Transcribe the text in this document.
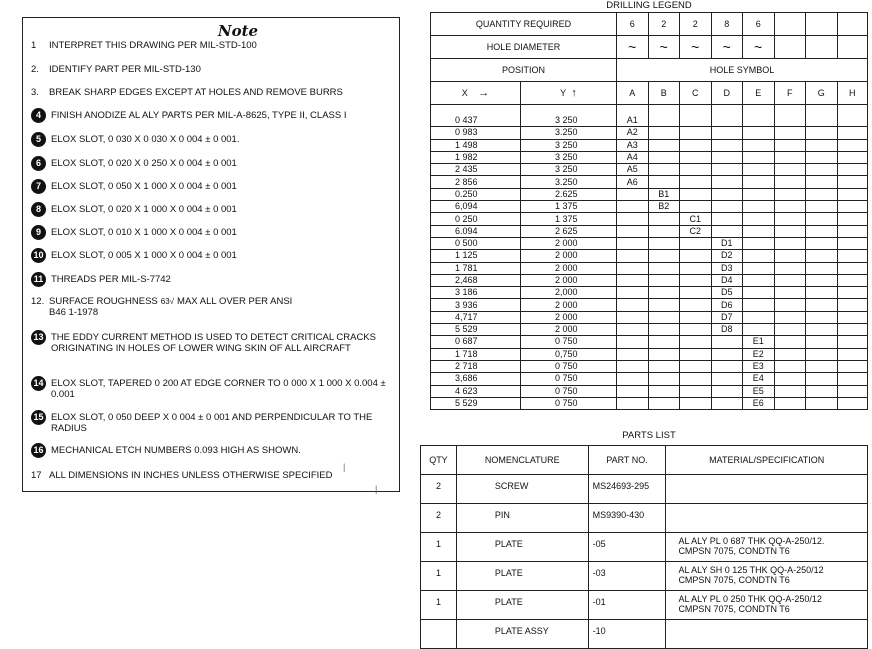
Note
1	INTERPRET THIS DRAWING PER MIL-STD-100
2.	IDENTIFY PART PER MIL-STD-130
3.	BREAK SHARP EDGES EXCEPT AT HOLES AND REMOVE BURRS
4	FINISH ANODIZE AL ALY PARTS PER MIL-A-8625, TYPE II, CLASS I
5	ELOX SLOT, 0 030 X 0 030 X 0 004 ± 0 001.
6	ELOX SLOT, 0 020 X 0 250 X 0 004 ± 0 001
7	ELOX SLOT, 0 050 X 1 000 X 0 004 ± 0 001
8	ELOX SLOT, 0 020 X 1 000 X 0 004 ± 0 001
9	ELOX SLOT, 0 010 X 1 000 X 0 004 ± 0 001
10 ELOX SLOT, 0 005 X 1 000 X 0 004 ± 0 001
11 THREADS PER MIL-S-7742
12. SURFACE ROUGHNESS $^{63√}$ MAX ALL OVER PER ANSI
B46 1-1978
13 THE EDDY CURRENT METHOD IS USED TO DETECT CRITICAL CRACKS ORIGINATING IN HOLES OF LOWER WING SKIN OF ALL AIRCRAFT
14 ELOX SLOT, TAPERED 0 200 AT EDGE CORNER TO 0 000 X 1 000 X 0.004 ± 0.001
15 ELOX SLOT, 0 050 DEEP X 0 004 ± 0 001 AND PERPENDICULAR TO THE RADIUS
16 MECHANICAL ETCH NUMBERS 0.093 HIGH AS SHOWN.
17 ALL DIMENSIONS IN INCHES UNLESS OTHERWISE SPECIFIED
|
|
DRILLING LEGEND
QUANTITY REQUIRED		6	2	2	8	6			
HOLE DIAMETER		~	~	~	~	~			
POSITION		HOLE SYMBOL							
X →	Y ↑	A	B	C	D	E	F	G	H
0 437	3 250	A1							
0 983	3.250	A2							
1 498	3 250	A3							
1 982	3 250	A4							
2 435	3 250	A5							
2 856	3.250	A6							
0.250	2.625		B1						
6,094	1 375		B2						
0 250	1 375			C1					
6.094	2 625			C2					
0 500	2 000				D1				
1 125	2 000				D2				
1 781	2 000				D3				
2,468	2 000				D4				
3 186	2,000				D5				
3 936	2 000				D6				
4,717	2 000				D7				
5 529	2 000				D8				
0 687	0 750					E1			
1 718	0,750					E2			
2 718	0 750					E3			
3,686	0 750					E4			
4 623	0 750					E5			
5 529	0 750					E6			
PARTS LIST
QTY	NOMENCLATURE	PART NO.	MATERIAL/SPECIFICATION
2	SCREW	MS24693-295	

2	PIN	MS9390-430	

1	PLATE	-05	AL ALY PL 0 687 THK QQ-A-250/12.
CMPSN 7075, CONDTN T6

1	PLATE	-03	AL ALY SH 0 125 THK QQ-A-250/12
CMPSN 7075, CONDTN T6

1	PLATE	-01	AL ALY PL 0 250 THK QQ-A-250/12
CMPSN 7075, CONDTN T6

	PLATE ASSY	-10	
